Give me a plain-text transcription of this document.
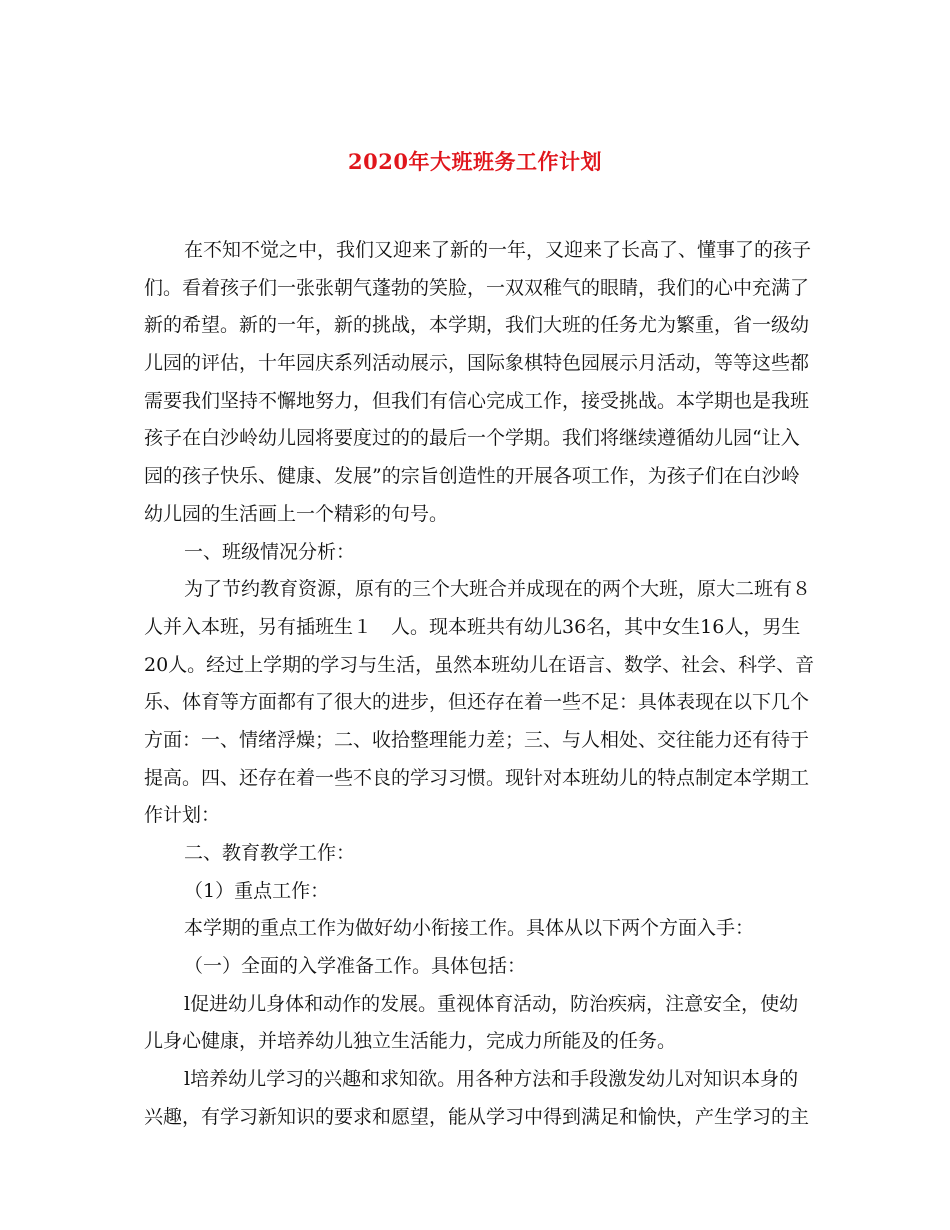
2020年大班班务工作计划
在不知不觉之中，我们又迎来了新的一年，又迎来了长高了、懂事了的孩子
们。看着孩子们一张张朝气蓬勃的笑脸，一双双稚气的眼睛，我们的心中充满了
新的希望。新的一年，新的挑战，本学期，我们大班的任务尤为繁重，省一级幼
儿园的评估，十年园庆系列活动展示，国际象棋特色园展示月活动，等等这些都
需要我们坚持不懈地努力，但我们有信心完成工作，接受挑战。本学期也是我班
孩子在白沙岭幼儿园将要度过的的最后一个学期。我们将继续遵循幼儿园“让入
园的孩子快乐、健康、发展”的宗旨创造性的开展各项工作，为孩子们在白沙岭
幼儿园的生活画上一个精彩的句号。
一、班级情况分析：
为了节约教育资源，原有的三个大班合并成现在的两个大班，原大二班有８
人并入本班，另有插班生１　人。现本班共有幼儿36名，其中女生16人，男生
20人。经过上学期的学习与生活，虽然本班幼儿在语言、数学、社会、科学、音
乐、体育等方面都有了很大的进步，但还存在着一些不足：具体表现在以下几个
方面：一、情绪浮燥；二、收拾整理能力差；三、与人相处、交往能力还有待于
提高。四、还存在着一些不良的学习习惯。现针对本班幼儿的特点制定本学期工
作计划：
二、教育教学工作：
（1）重点工作：
本学期的重点工作为做好幼小衔接工作。具体从以下两个方面入手：
（一）全面的入学准备工作。具体包括：
l促进幼儿身体和动作的发展。重视体育活动，防治疾病，注意安全，使幼
儿身心健康，并培养幼儿独立生活能力，完成力所能及的任务。
l培养幼儿学习的兴趣和求知欲。用各种方法和手段激发幼儿对知识本身的
兴趣，有学习新知识的要求和愿望，能从学习中得到满足和愉快，产生学习的主
